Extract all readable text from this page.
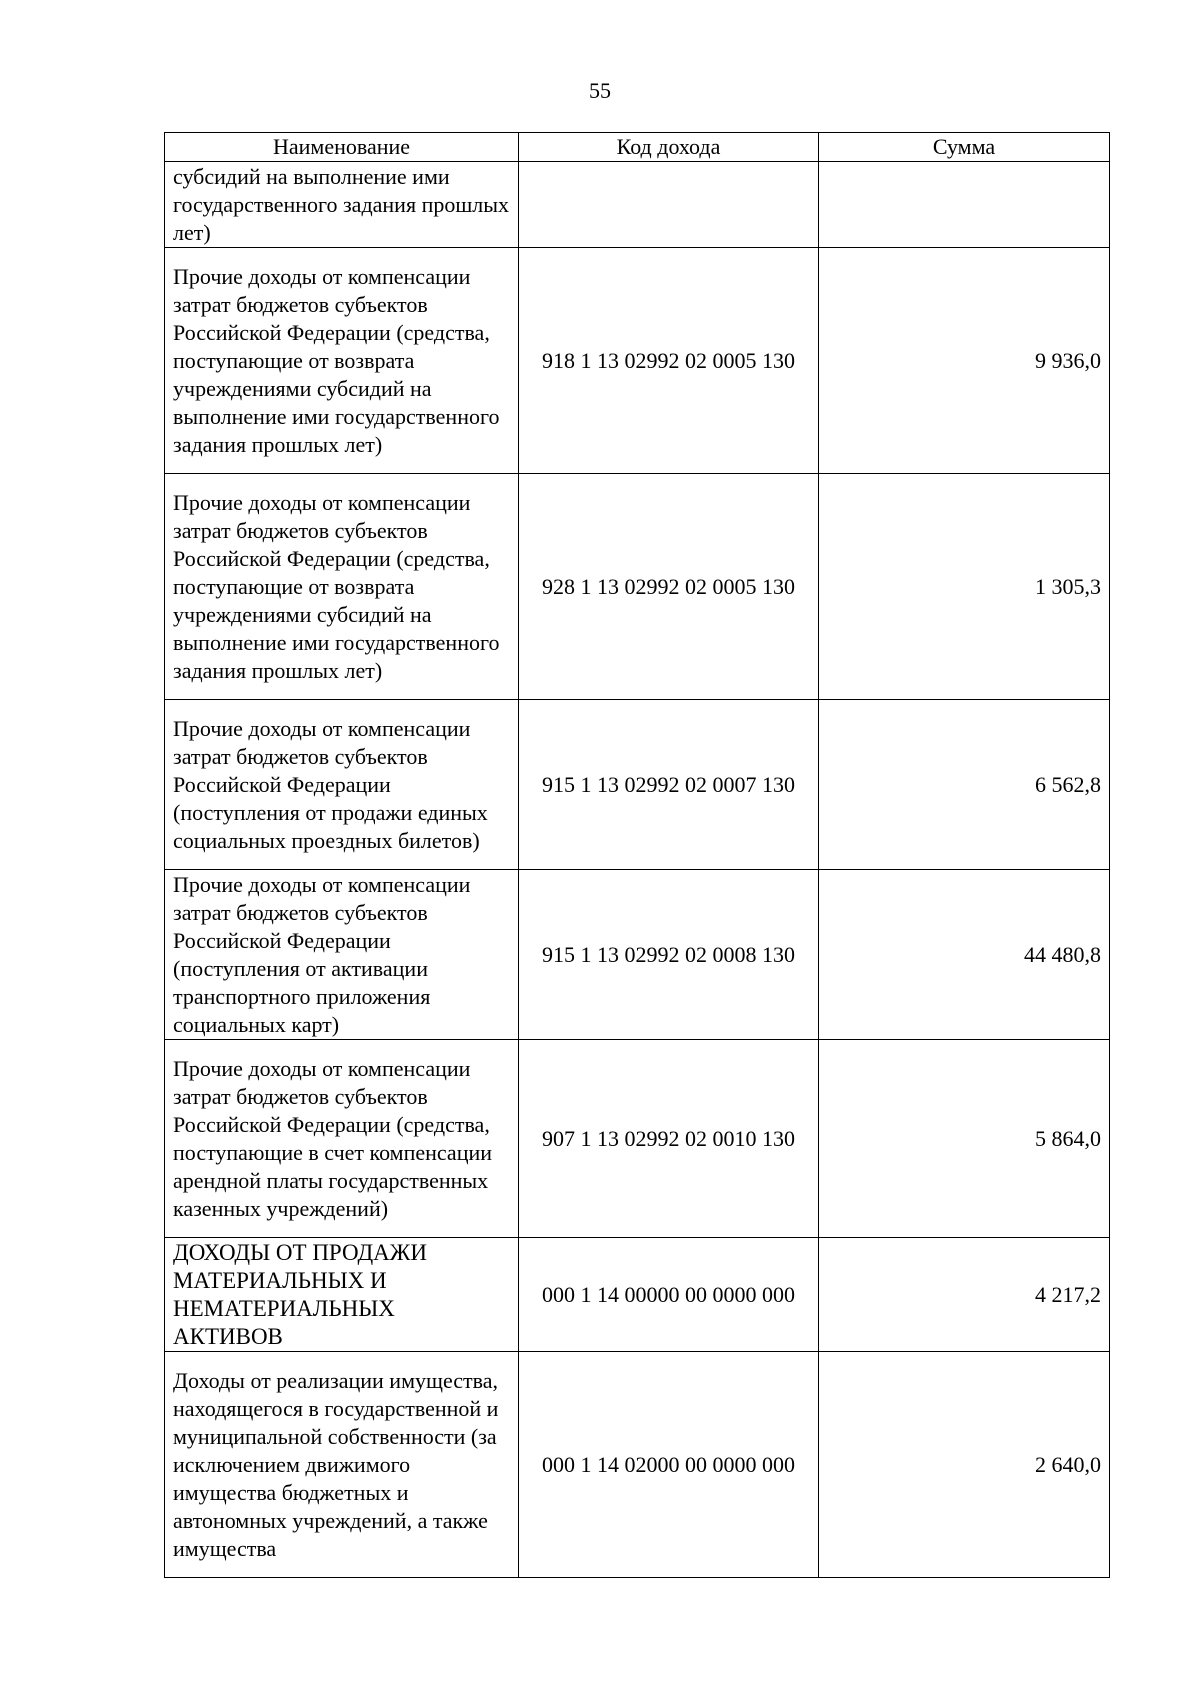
55
Наименование	Код дохода	Сумма
субсидий на выполнение ими государственного задания прошлых лет)		
Прочие доходы от компенсации затрат бюджетов субъектов Российской Федерации (средства, поступающие от возврата учреждениями субсидий на выполнение ими государственного задания прошлых лет)	918 1 13 02992 02 0005 130	9 936,0
Прочие доходы от компенсации затрат бюджетов субъектов Российской Федерации (средства, поступающие от возврата учреждениями субсидий на выполнение ими государственного задания прошлых лет)	928 1 13 02992 02 0005 130	1 305,3
Прочие доходы от компенсации затрат бюджетов субъектов Российской Федерации (поступления от продажи единых социальных проездных билетов)	915 1 13 02992 02 0007 130	6 562,8
Прочие доходы от компенсации затрат бюджетов субъектов Российской Федерации (поступления от активации транспортного приложения социальных карт)	915 1 13 02992 02 0008 130	44 480,8
Прочие доходы от компенсации затрат бюджетов субъектов Российской Федерации (средства, поступающие в счет компенсации арендной платы государственных казенных учреждений)	907 1 13 02992 02 0010 130	5 864,0
ДОХОДЫ ОТ ПРОДАЖИ МАТЕРИАЛЬНЫХ И НЕМАТЕРИАЛЬНЫХ АКТИВОВ	000 1 14 00000 00 0000 000	4 217,2
Доходы от реализации имущества, находящегося в государственной и муниципальной собственности (за исключением движимого имущества бюджетных и автономных учреждений, а также имущества	000 1 14 02000 00 0000 000	2 640,0
